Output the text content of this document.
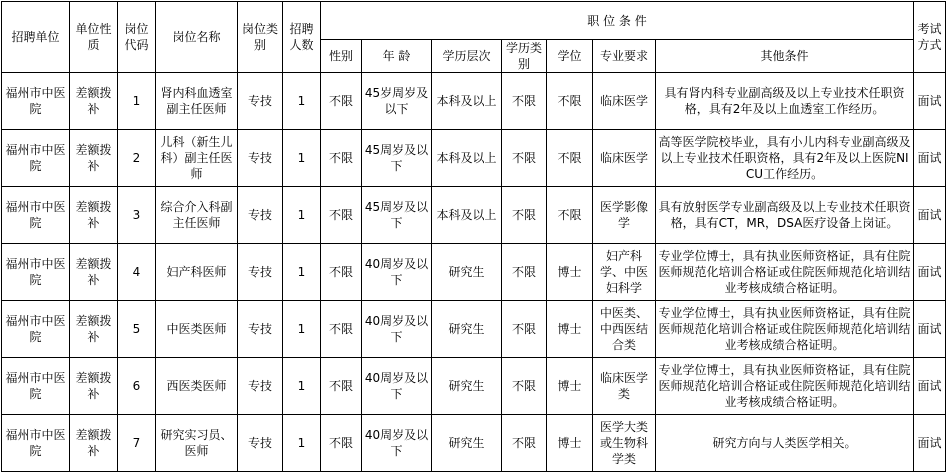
招聘单位	单位性质	岗位代码	岗位名称	岗位类别	招聘人数	职 位 条 件							考试方式
						性别	年 龄	学历层次	学历类别	学位	专业要求	其他条件	
福州市中医院	差额拨补	1	肾内科血透室副主任医师	专技	1	不限	45岁周岁及以下	本科及以上	不限	不限	临床医学	具有肾内科专业副高级及以上专业技术任职资格，具有2年及以上血透室工作经历。	面试
福州市中医院	差额拨补	2	儿科（新生儿科）副主任医师	专技	1	不限	45周岁及以下	本科及以上	不限	不限	临床医学	高等医学院校毕业，具有小儿内科专业副高级及以上专业技术任职资格，具有2年及以上医院NICU工作经历。	面试
福州市中医院	差额拨补	3	综合介入科副主任医师	专技	1	不限	45周岁及以下	本科及以上	不限	不限	医学影像学	具有放射医学专业副高级及以上专业技术任职资格，具有CT，MR，DSA医疗设备上岗证。	面试
福州市中医院	差额拨补	4	妇产科医师	专技	1	不限	40周岁及以下	研究生	不限	博士	妇产科学、中医妇科学	专业学位博士，具有执业医师资格证，具有住院医师规范化培训合格证或住院医师规范化培训结业考核成绩合格证明。	面试
福州市中医院	差额拨补	5	中医类医师	专技	1	不限	40周岁及以下	研究生	不限	博士	中医类、中西医结合类	专业学位博士，具有执业医师资格证，具有住院医师规范化培训合格证或住院医师规范化培训结业考核成绩合格证明。	面试
福州市中医院	差额拨补	6	西医类医师	专技	1	不限	40周岁及以下	研究生	不限	博士	临床医学类	专业学位博士，具有执业医师资格证，具有住院医师规范化培训合格证或住院医师规范化培训结业考核成绩合格证明。	面试
福州市中医院	差额拨补	7	研究实习员、医师	专技	1	不限	40周岁及以下	研究生	不限	博士	医学大类或生物科学类	研究方向与人类医学相关。	面试
